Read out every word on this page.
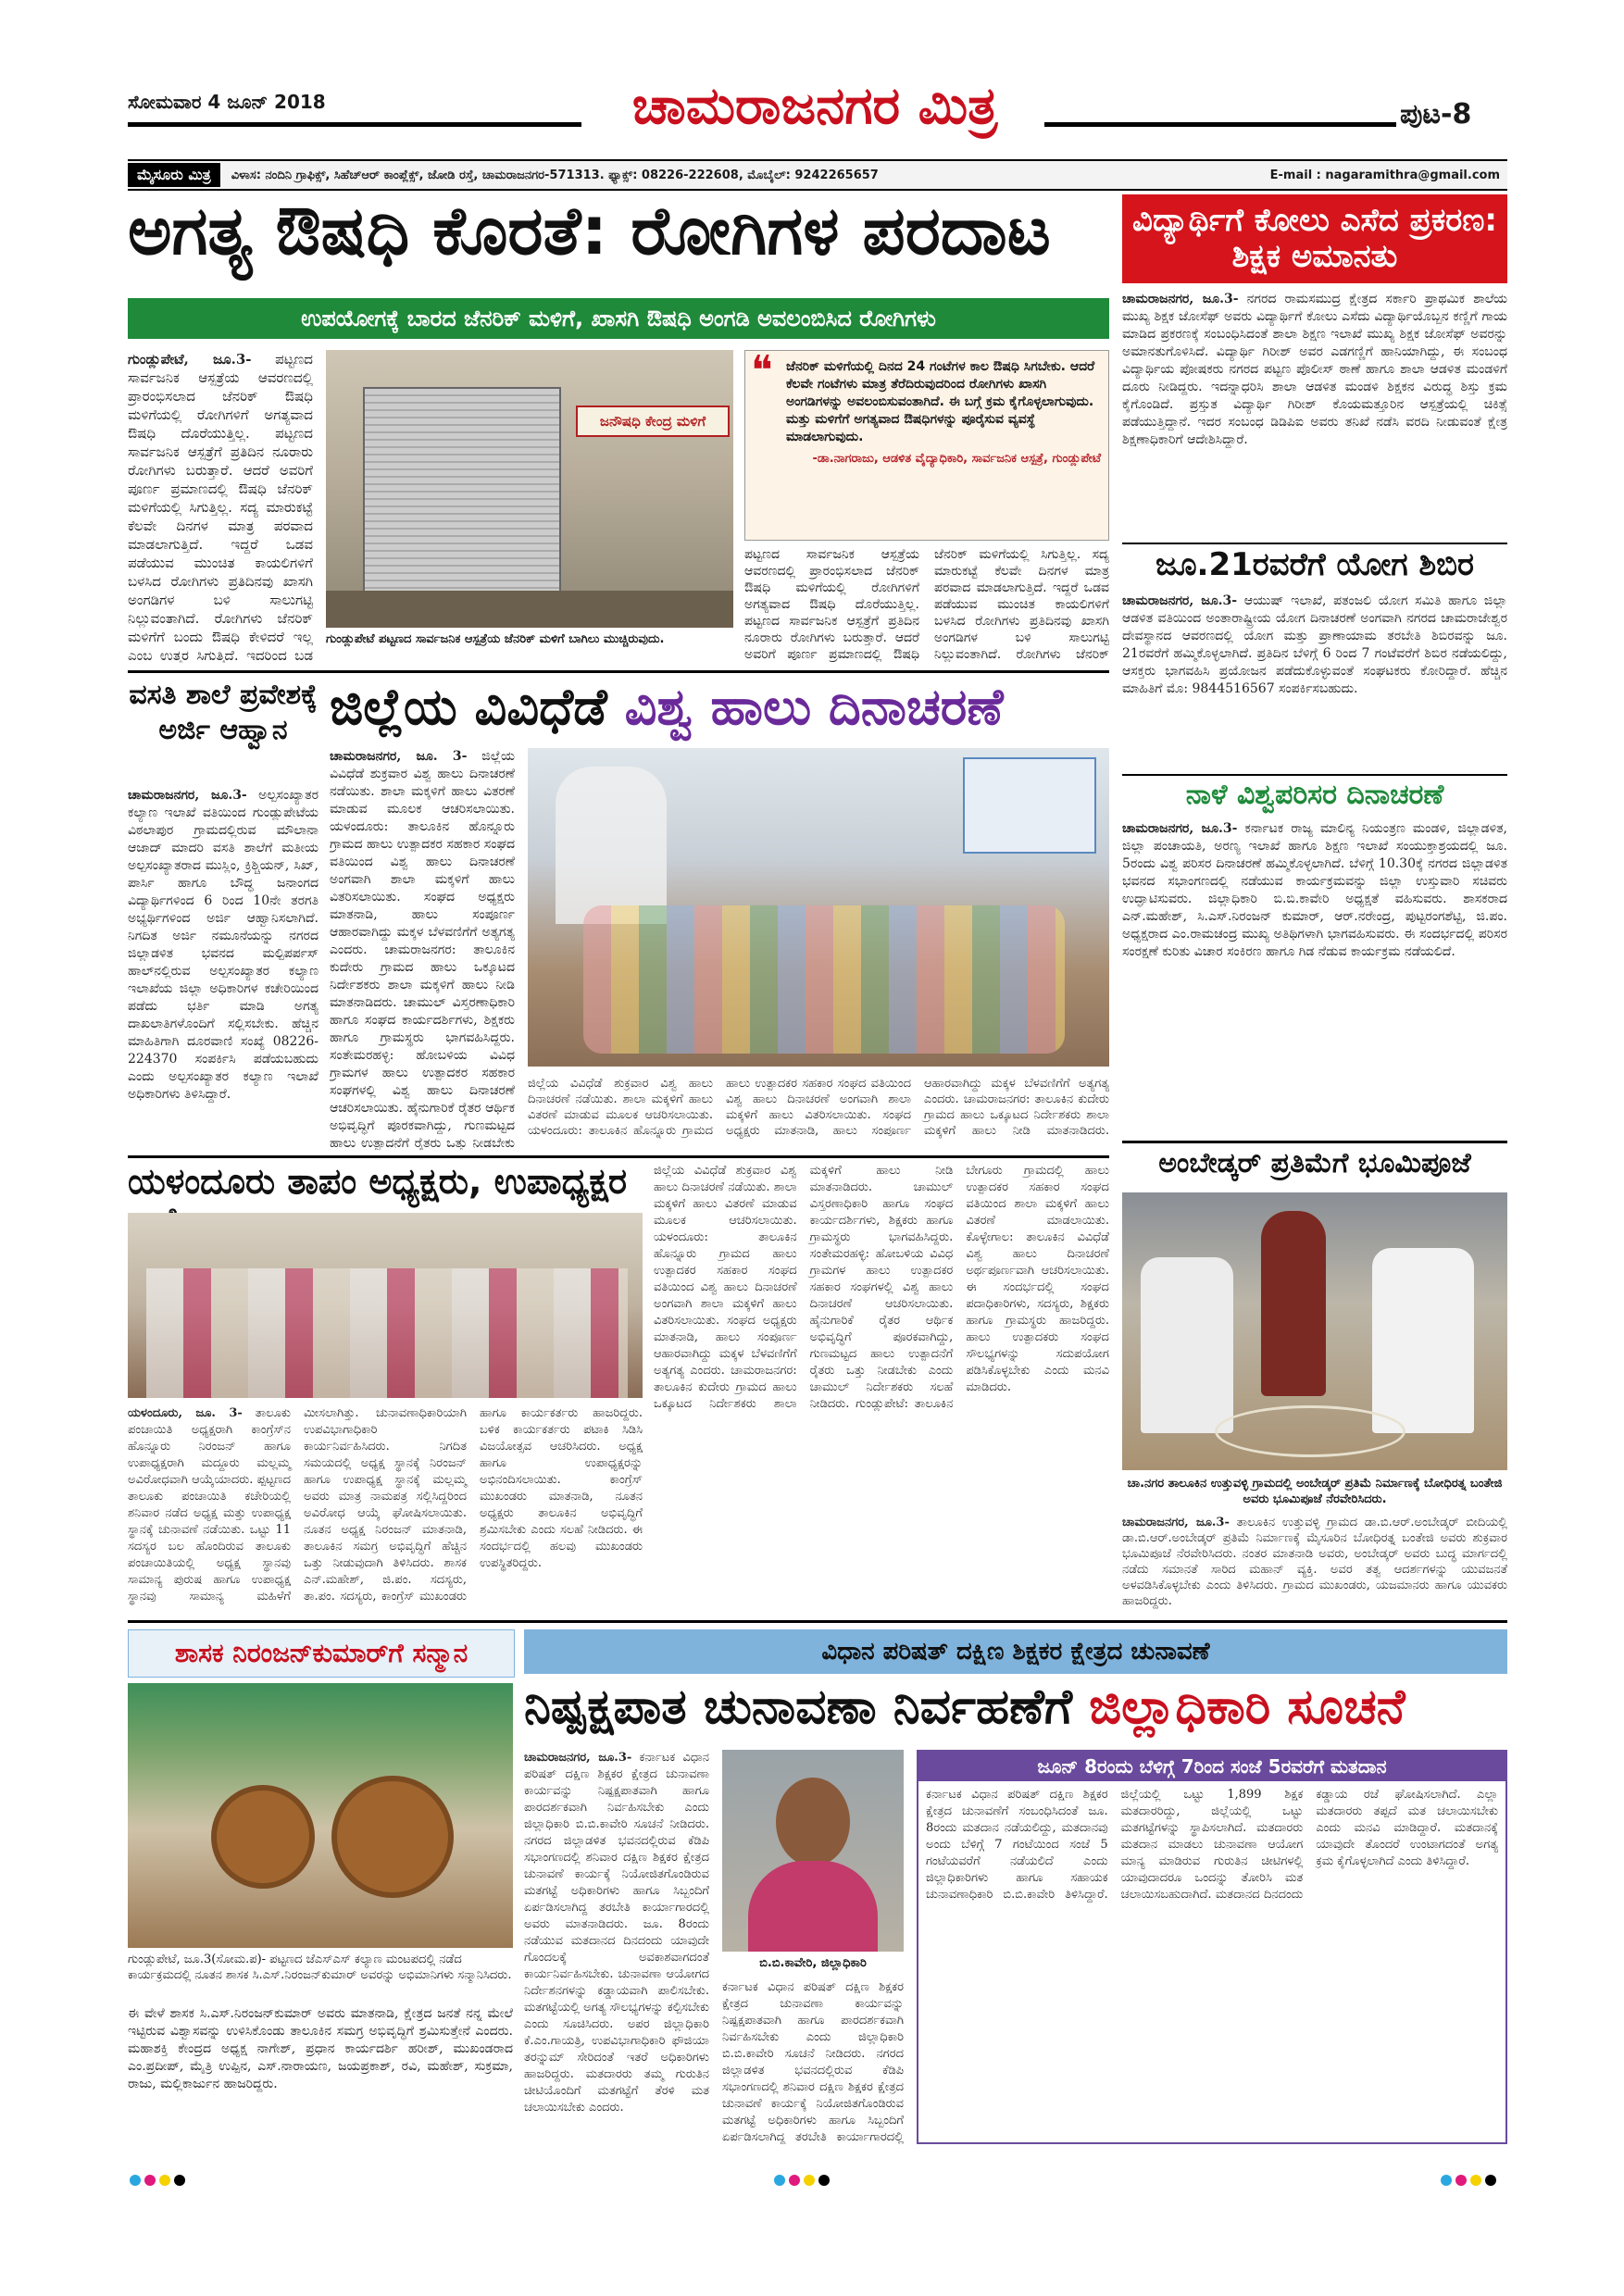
ಸೋಮವಾರ 4 ಜೂನ್ 2018	ಚಾಮರಾಜನಗರ ಮಿತ್ರ	ಪುಟ-8
ಮೈಸೂರು ಮಿತ್ರ	ವಿಳಾಸ: ನಂದಿನಿ ಗ್ರಾಫಿಕ್ಸ್, ಸಿಹೆಚ್ಆರ್ ಕಾಂಪ್ಲೆಕ್ಸ್, ಜೋಡಿ ರಸ್ತೆ, ಚಾಮರಾಜನಗರ-571313. ಫ್ಯಾಕ್ಸ್: 08226-222608, ಮೊಬೈಲ್: 9242265657	E-mail : nagaramithra@gmail.com
ಅಗತ್ಯ ಔಷಧಿ ಕೊರತೆ: ರೋಗಿಗಳ ಪರದಾಟ
ಉಪಯೋಗಕ್ಕೆ ಬಾರದ ಜೆನರಿಕ್ ಮಳಿಗೆ, ಖಾಸಗಿ ಔಷಧಿ ಅಂಗಡಿ ಅವಲಂಬಿಸಿದ ರೋಗಿಗಳು

ಗುಂಡ್ಲುಪೇಟೆ, ಜೂ.3- ಪಟ್ಟಣದ ಸಾರ್ವಜನಿಕ ಆಸ್ಪತ್ರೆಯ ಆವರಣದಲ್ಲಿ ಪ್ರಾರಂಭಿಸಲಾದ ಜೆನರಿಕ್ ಔಷಧಿ ಮಳಿಗೆಯಲ್ಲಿ ರೋಗಿಗಳಿಗೆ ಅಗತ್ಯವಾದ ಔಷಧಿ ದೊರೆಯುತ್ತಿಲ್ಲ. ಪಟ್ಟಣದ ಸಾರ್ವಜನಿಕ ಆಸ್ಪತ್ರೆಗೆ ಪ್ರತಿದಿನ ನೂರಾರು ರೋಗಿಗಳು ಬರುತ್ತಾರೆ. ಆದರೆ ಅವರಿಗೆ ಪೂರ್ಣ ಪ್ರಮಾಣದಲ್ಲಿ ಔಷಧಿ ಜೆನರಿಕ್ ಮಳಿಗೆಯಲ್ಲಿ ಸಿಗುತ್ತಿಲ್ಲ. ಸದ್ಯ ಮಾರುಕಟ್ಟೆ ಕೆಲವೇ ದಿನಗಳ ಮಾತ್ರ ಪರವಾದ ಮಾಡಲಾಗುತ್ತಿದೆ. ಇದ್ದರೆ ಒಡವ ಪಡೆಯುವ ಮುಂಚಿತ ಕಾಯಲಿಗಳಿಗೆ ಬಳಸಿದ ರೋಗಿಗಳು ಪ್ರತಿದಿನವು ಖಾಸಗಿ ಅಂಗಡಿಗಳ ಬಳಿ ಸಾಲುಗಟ್ಟಿ ನಿಲ್ಲುವಂತಾಗಿದೆ. ರೋಗಿಗಳು ಜೆನರಿಕ್ ಮಳಿಗೆಗೆ ಬಂದು ಔಷಧಿ ಕೇಳಿದರೆ ಇಲ್ಲ ಎಂಬ ಉತ್ತರ ಸಿಗುತ್ತಿದೆ. ಇದರಿಂದ ಬಡ

ಜನೌಷಧಿ ಕೇಂದ್ರ ಮಳಿಗೆ
ಗುಂಡ್ಲುಪೇಟೆ ಪಟ್ಟಣದ ಸಾರ್ವಜನಿಕ ಆಸ್ಪತ್ರೆಯ ಜೆನರಿಕ್ ಮಳಿಗೆ ಬಾಗಿಲು ಮುಚ್ಚಿರುವುದು.
❝ ಜೆನರಿಕ್ ಮಳಿಗೆಯಲ್ಲಿ ದಿನದ 24 ಗಂಟೆಗಳ ಕಾಲ ಔಷಧಿ ಸಿಗಬೇಕು. ಆದರೆ ಕೆಲವೇ ಗಂಟೆಗಳು ಮಾತ್ರ ತೆರೆದಿರುವುದರಿಂದ ರೋಗಿಗಳು ಖಾಸಗಿ ಅಂಗಡಿಗಳನ್ನು ಅವಲಂಬಿಸುವಂತಾಗಿದೆ. ಈ ಬಗ್ಗೆ ಕ್ರಮ ಕೈಗೊಳ್ಳಲಾಗುವುದು. ಮತ್ತು ಮಳಿಗೆಗೆ ಅಗತ್ಯವಾದ ಔಷಧಿಗಳನ್ನು ಪೂರೈಸುವ ವ್ಯವಸ್ಥೆ ಮಾಡಲಾಗುವುದು.
-ಡಾ.ನಾಗರಾಜು, ಆಡಳಿತ ವೈದ್ಯಾಧಿಕಾರಿ, ಸಾರ್ವಜನಿಕ ಆಸ್ಪತ್ರೆ, ಗುಂಡ್ಲುಪೇಟೆ

ಪಟ್ಟಣದ ಸಾರ್ವಜನಿಕ ಆಸ್ಪತ್ರೆಯ ಆವರಣದಲ್ಲಿ ಪ್ರಾರಂಭಿಸಲಾದ ಜೆನರಿಕ್ ಔಷಧಿ ಮಳಿಗೆಯಲ್ಲಿ ರೋಗಿಗಳಿಗೆ ಅಗತ್ಯವಾದ ಔಷಧಿ ದೊರೆಯುತ್ತಿಲ್ಲ. ಪಟ್ಟಣದ ಸಾರ್ವಜನಿಕ ಆಸ್ಪತ್ರೆಗೆ ಪ್ರತಿದಿನ ನೂರಾರು ರೋಗಿಗಳು ಬರುತ್ತಾರೆ. ಆದರೆ ಅವರಿಗೆ ಪೂರ್ಣ ಪ್ರಮಾಣದಲ್ಲಿ ಔಷಧಿ ಜೆನರಿಕ್ ಮಳಿಗೆಯಲ್ಲಿ ಸಿಗುತ್ತಿಲ್ಲ. ಸದ್ಯ ಮಾರುಕಟ್ಟೆ ಕೆಲವೇ ದಿನಗಳ ಮಾತ್ರ ಪರವಾದ ಮಾಡಲಾಗುತ್ತಿದೆ. ಇದ್ದರೆ ಒಡವ ಪಡೆಯುವ ಮುಂಚಿತ ಕಾಯಲಿಗಳಿಗೆ ಬಳಸಿದ ರೋಗಿಗಳು ಪ್ರತಿದಿನವು ಖಾಸಗಿ ಅಂಗಡಿಗಳ ಬಳಿ ಸಾಲುಗಟ್ಟಿ ನಿಲ್ಲುವಂತಾಗಿದೆ. ರೋಗಿಗಳು ಜೆನರಿಕ್

ವಿದ್ಯಾರ್ಥಿಗೆ ಕೋಲು ಎಸೆದ ಪ್ರಕರಣ: ಶಿಕ್ಷಕ ಅಮಾನತು

ಚಾಮರಾಜನಗರ, ಜೂ.3- ನಗರದ ರಾಮಸಮುದ್ರ ಕ್ಷೇತ್ರದ ಸರ್ಕಾರಿ ಪ್ರಾಥಮಿಕ ಶಾಲೆಯ ಮುಖ್ಯ ಶಿಕ್ಷಕ ಜೋಸೆಫ್ ಅವರು ವಿದ್ಯಾರ್ಥಿಗೆ ಕೋಲು ಎಸೆದು ವಿದ್ಯಾರ್ಥಿಯೊಬ್ಬನ ಕಣ್ಣಿಗೆ ಗಾಯ ಮಾಡಿದ ಪ್ರಕರಣಕ್ಕೆ ಸಂಬಂಧಿಸಿದಂತೆ ಶಾಲಾ ಶಿಕ್ಷಣ ಇಲಾಖೆ ಮುಖ್ಯ ಶಿಕ್ಷಕ ಜೋಸೆಫ್ ಅವರನ್ನು ಅಮಾನತುಗೊಳಿಸಿದೆ. ವಿದ್ಯಾರ್ಥಿ ಗಿರೀಶ್ ಅವರ ಎಡಗಣ್ಣಿಗೆ ಹಾನಿಯಾಗಿದ್ದು, ಈ ಸಂಬಂಧ ವಿದ್ಯಾರ್ಥಿಯ ಪೋಷಕರು ನಗರದ ಪಟ್ಟಣ ಪೊಲೀಸ್ ಠಾಣೆ ಹಾಗೂ ಶಾಲಾ ಆಡಳಿತ ಮಂಡಳಿಗೆ ದೂರು ನೀಡಿದ್ದರು. ಇದನ್ನಾಧರಿಸಿ ಶಾಲಾ ಆಡಳಿತ ಮಂಡಳಿ ಶಿಕ್ಷಕನ ವಿರುದ್ಧ ಶಿಸ್ತು ಕ್ರಮ ಕೈಗೊಂಡಿದೆ. ಪ್ರಸ್ತುತ ವಿದ್ಯಾರ್ಥಿ ಗಿರೀಶ್ ಕೊಯಮತ್ತೂರಿನ ಆಸ್ಪತ್ರೆಯಲ್ಲಿ ಚಿಕಿತ್ಸೆ ಪಡೆಯುತ್ತಿದ್ದಾನೆ. ಇದರ ಸಂಬಂಧ ಡಿಡಿಪಿಐ ಅವರು ತನಿಖೆ ನಡೆಸಿ ವರದಿ ನೀಡುವಂತೆ ಕ್ಷೇತ್ರ ಶಿಕ್ಷಣಾಧಿಕಾರಿಗೆ ಆದೇಶಿಸಿದ್ದಾರೆ.

ಜೂ.21ರವರೆಗೆ ಯೋಗ ಶಿಬಿರ

ಚಾಮರಾಜನಗರ, ಜೂ.3- ಆಯುಷ್ ಇಲಾಖೆ, ಪತಂಜಲಿ ಯೋಗ ಸಮಿತಿ ಹಾಗೂ ಜಿಲ್ಲಾ ಆಡಳಿತ ವತಿಯಿಂದ ಅಂತಾರಾಷ್ಟ್ರೀಯ ಯೋಗ ದಿನಾಚರಣೆ ಅಂಗವಾಗಿ ನಗರದ ಚಾಮರಾಜೇಶ್ವರ ದೇವಸ್ಥಾನದ ಆವರಣದಲ್ಲಿ ಯೋಗ ಮತ್ತು ಪ್ರಾಣಾಯಾಮ ತರಬೇತಿ ಶಿಬಿರವನ್ನು ಜೂ. 21ರವರೆಗೆ ಹಮ್ಮಿಕೊಳ್ಳಲಾಗಿದೆ. ಪ್ರತಿದಿನ ಬೆಳಿಗ್ಗೆ 6 ರಿಂದ 7 ಗಂಟೆವರೆಗೆ ಶಿಬಿರ ನಡೆಯಲಿದ್ದು, ಆಸಕ್ತರು ಭಾಗವಹಿಸಿ ಪ್ರಯೋಜನ ಪಡೆದುಕೊಳ್ಳುವಂತೆ ಸಂಘಟಕರು ಕೋರಿದ್ದಾರೆ. ಹೆಚ್ಚಿನ ಮಾಹಿತಿಗೆ ಮೊ: 9844516567 ಸಂಪರ್ಕಿಸಬಹುದು.

ನಾಳೆ ವಿಶ್ವಪರಿಸರ ದಿನಾಚರಣೆ

ಚಾಮರಾಜನಗರ, ಜೂ.3- ಕರ್ನಾಟಕ ರಾಜ್ಯ ಮಾಲಿನ್ಯ ನಿಯಂತ್ರಣ ಮಂಡಳಿ, ಜಿಲ್ಲಾಡಳಿತ, ಜಿಲ್ಲಾ ಪಂಚಾಯತಿ, ಅರಣ್ಯ ಇಲಾಖೆ ಹಾಗೂ ಶಿಕ್ಷಣ ಇಲಾಖೆ ಸಂಯುಕ್ತಾಶ್ರಯದಲ್ಲಿ ಜೂ. 5ರಂದು ವಿಶ್ವ ಪರಿಸರ ದಿನಾಚರಣೆ ಹಮ್ಮಿಕೊಳ್ಳಲಾಗಿದೆ. ಬೆಳಿಗ್ಗೆ 10.30ಕ್ಕೆ ನಗರದ ಜಿಲ್ಲಾಡಳಿತ ಭವನದ ಸಭಾಂಗಣದಲ್ಲಿ ನಡೆಯುವ ಕಾರ್ಯಕ್ರಮವನ್ನು ಜಿಲ್ಲಾ ಉಸ್ತುವಾರಿ ಸಚಿವರು ಉದ್ಘಾಟಿಸುವರು. ಜಿಲ್ಲಾಧಿಕಾರಿ ಬಿ.ಬಿ.ಕಾವೇರಿ ಅಧ್ಯಕ್ಷತೆ ವಹಿಸುವರು. ಶಾಸಕರಾದ ಎನ್.ಮಹೇಶ್, ಸಿ.ಎಸ್.ನಿರಂಜನ್ ಕುಮಾರ್, ಆರ್.ನರೇಂದ್ರ, ಪುಟ್ಟರಂಗಶೆಟ್ಟಿ, ಜಿ.ಪಂ. ಅಧ್ಯಕ್ಷರಾದ ಎಂ.ರಾಮಚಂದ್ರ ಮುಖ್ಯ ಅತಿಥಿಗಳಾಗಿ ಭಾಗವಹಿಸುವರು. ಈ ಸಂದರ್ಭದಲ್ಲಿ ಪರಿಸರ ಸಂರಕ್ಷಣೆ ಕುರಿತು ವಿಚಾರ ಸಂಕಿರಣ ಹಾಗೂ ಗಿಡ ನೆಡುವ ಕಾರ್ಯಕ್ರಮ ನಡೆಯಲಿದೆ.

ವಸತಿ ಶಾಲೆ ಪ್ರವೇಶಕ್ಕೆ ಅರ್ಜಿ ಆಹ್ವಾನ

ಚಾಮರಾಜನಗರ, ಜೂ.3- ಅಲ್ಪಸಂಖ್ಯಾತರ ಕಲ್ಯಾಣ ಇಲಾಖೆ ವತಿಯಿಂದ ಗುಂಡ್ಲುಪೇಟೆಯ ವಿಠಲಾಪುರ ಗ್ರಾಮದಲ್ಲಿರುವ ಮೌಲಾನಾ ಆಜಾದ್ ಮಾದರಿ ವಸತಿ ಶಾಲೆಗೆ ಮತೀಯ ಅಲ್ಪಸಂಖ್ಯಾತರಾದ ಮುಸ್ಲಿಂ, ಕ್ರಿಶ್ಚಿಯನ್, ಸಿಖ್, ಪಾರ್ಸಿ ಹಾಗೂ ಬೌದ್ಧ ಜನಾಂಗದ ವಿದ್ಯಾರ್ಥಿಗಳಿಂದ 6 ರಿಂದ 10ನೇ ತರಗತಿ ಅಭ್ಯರ್ಥಿಗಳಿಂದ ಅರ್ಜಿ ಆಹ್ವಾನಿಸಲಾಗಿದೆ. ನಿಗದಿತ ಅರ್ಜಿ ನಮೂನೆಯನ್ನು ನಗರದ ಜಿಲ್ಲಾಡಳಿತ ಭವನದ ಮಲ್ಪಿಪರ್ಪಸ್ ಹಾಲ್‌ನಲ್ಲಿರುವ ಅಲ್ಪಸಂಖ್ಯಾತರ ಕಲ್ಯಾಣ ಇಲಾಖೆಯ ಜಿಲ್ಲಾ ಅಧಿಕಾರಿಗಳ ಕಚೇರಿಯಿಂದ ಪಡೆದು ಭರ್ತಿ ಮಾಡಿ ಅಗತ್ಯ ದಾಖಲಾತಿಗಳೊಂದಿಗೆ ಸಲ್ಲಿಸಬೇಕು. ಹೆಚ್ಚಿನ ಮಾಹಿತಿಗಾಗಿ ದೂರವಾಣಿ ಸಂಖ್ಯೆ 08226-224370 ಸಂಪರ್ಕಿಸಿ ಪಡೆಯಬಹುದು ಎಂದು ಅಲ್ಪಸಂಖ್ಯಾತರ ಕಲ್ಯಾಣ ಇಲಾಖೆ ಅಧಿಕಾರಿಗಳು ತಿಳಿಸಿದ್ದಾರೆ.

ಜಿಲ್ಲೆಯ ವಿವಿಧೆಡೆ ವಿಶ್ವ ಹಾಲು ದಿನಾಚರಣೆ

ಚಾಮರಾಜನಗರ, ಜೂ. 3- ಜಿಲ್ಲೆಯ ವಿವಿಧೆಡೆ ಶುಕ್ರವಾರ ವಿಶ್ವ ಹಾಲು ದಿನಾಚರಣೆ ನಡೆಯಿತು. ಶಾಲಾ ಮಕ್ಕಳಿಗೆ ಹಾಲು ವಿತರಣೆ ಮಾಡುವ ಮೂಲಕ ಆಚರಿಸಲಾಯಿತು. ಯಳಂದೂರು: ತಾಲೂಕಿನ ಹೊನ್ನೂರು ಗ್ರಾಮದ ಹಾಲು ಉತ್ಪಾದಕರ ಸಹಕಾರ ಸಂಘದ ವತಿಯಿಂದ ವಿಶ್ವ ಹಾಲು ದಿನಾಚರಣೆ ಅಂಗವಾಗಿ ಶಾಲಾ ಮಕ್ಕಳಿಗೆ ಹಾಲು ವಿತರಿಸಲಾಯಿತು. ಸಂಘದ ಅಧ್ಯಕ್ಷರು ಮಾತನಾಡಿ, ಹಾಲು ಸಂಪೂರ್ಣ ಆಹಾರವಾಗಿದ್ದು ಮಕ್ಕಳ ಬೆಳವಣಿಗೆಗೆ ಅತ್ಯಗತ್ಯ ಎಂದರು. ಚಾಮರಾಜನಗರ: ತಾಲೂಕಿನ ಕುದೇರು ಗ್ರಾಮದ ಹಾಲು ಒಕ್ಕೂಟದ ನಿರ್ದೇಶಕರು ಶಾಲಾ ಮಕ್ಕಳಿಗೆ ಹಾಲು ನೀಡಿ ಮಾತನಾಡಿದರು. ಚಾಮುಲ್ ವಿಸ್ತರಣಾಧಿಕಾರಿ ಹಾಗೂ ಸಂಘದ ಕಾರ್ಯದರ್ಶಿಗಳು, ಶಿಕ್ಷಕರು ಹಾಗೂ ಗ್ರಾಮಸ್ಥರು ಭಾಗವಹಿಸಿದ್ದರು. ಸಂತೇಮರಹಳ್ಳಿ: ಹೋಬಳಿಯ ವಿವಿಧ ಗ್ರಾಮಗಳ ಹಾಲು ಉತ್ಪಾದಕರ ಸಹಕಾರ ಸಂಘಗಳಲ್ಲಿ ವಿಶ್ವ ಹಾಲು ದಿನಾಚರಣೆ ಆಚರಿಸಲಾಯಿತು. ಹೈನುಗಾರಿಕೆ ರೈತರ ಆರ್ಥಿಕ ಅಭಿವೃದ್ಧಿಗೆ ಪೂರಕವಾಗಿದ್ದು, ಗುಣಮಟ್ಟದ ಹಾಲು ಉತ್ಪಾದನೆಗೆ ರೈತರು ಒತ್ತು ನೀಡಬೇಕು

ಜಿಲ್ಲೆಯ ವಿವಿಧೆಡೆ ಶುಕ್ರವಾರ ವಿಶ್ವ ಹಾಲು ದಿನಾಚರಣೆ ನಡೆಯಿತು. ಶಾಲಾ ಮಕ್ಕಳಿಗೆ ಹಾಲು ವಿತರಣೆ ಮಾಡುವ ಮೂಲಕ ಆಚರಿಸಲಾಯಿತು. ಯಳಂದೂರು: ತಾಲೂಕಿನ ಹೊನ್ನೂರು ಗ್ರಾಮದ ಹಾಲು ಉತ್ಪಾದಕರ ಸಹಕಾರ ಸಂಘದ ವತಿಯಿಂದ ವಿಶ್ವ ಹಾಲು ದಿನಾಚರಣೆ ಅಂಗವಾಗಿ ಶಾಲಾ ಮಕ್ಕಳಿಗೆ ಹಾಲು ವಿತರಿಸಲಾಯಿತು. ಸಂಘದ ಅಧ್ಯಕ್ಷರು ಮಾತನಾಡಿ, ಹಾಲು ಸಂಪೂರ್ಣ ಆಹಾರವಾಗಿದ್ದು ಮಕ್ಕಳ ಬೆಳವಣಿಗೆಗೆ ಅತ್ಯಗತ್ಯ ಎಂದರು. ಚಾಮರಾಜನಗರ: ತಾಲೂಕಿನ ಕುದೇರು ಗ್ರಾಮದ ಹಾಲು ಒಕ್ಕೂಟದ ನಿರ್ದೇಶಕರು ಶಾಲಾ ಮಕ್ಕಳಿಗೆ ಹಾಲು ನೀಡಿ ಮಾತನಾಡಿದರು.

ಯಳಂದೂರು ತಾಪಂ ಅಧ್ಯಕ್ಷರು, ಉಪಾಧ್ಯಕ್ಷರ

ಯಳಂದೂರು, ಜೂ. 3- ತಾಲೂಕು ಪಂಚಾಯಿತಿ ಅಧ್ಯಕ್ಷರಾಗಿ ಕಾಂಗ್ರೆಸ್‌ನ ಹೊನ್ನೂರು ನಿರಂಜನ್ ಹಾಗೂ ಉಪಾಧ್ಯಕ್ಷರಾಗಿ ಮದ್ದೂರು ಮಲ್ಲಮ್ಮ ಅವಿರೋಧವಾಗಿ ಆಯ್ಕೆಯಾದರು. ಪ್ಪಟ್ಟಣದ ತಾಲೂಕು ಪಂಚಾಯಿತಿ ಕಚೇರಿಯಲ್ಲಿ ಶನಿವಾರ ನಡೆದ ಅಧ್ಯಕ್ಷ ಮತ್ತು ಉಪಾಧ್ಯಕ್ಷ ಸ್ಥಾನಕ್ಕೆ ಚುನಾವಣೆ ನಡೆಯಿತು. ಒಟ್ಟು 11 ಸದಸ್ಯರ ಬಲ ಹೊಂದಿರುವ ತಾಲೂಕು ಪಂಚಾಯಿತಿಯಲ್ಲಿ ಅಧ್ಯಕ್ಷ ಸ್ಥಾನವು ಸಾಮಾನ್ಯ ಪುರುಷ ಹಾಗೂ ಉಪಾಧ್ಯಕ್ಷ ಸ್ಥಾನವು ಸಾಮಾನ್ಯ ಮಹಿಳೆಗೆ ಮೀಸಲಾಗಿತ್ತು. ಚುನಾವಣಾಧಿಕಾರಿಯಾಗಿ ಉಪವಿಭಾಗಾಧಿಕಾರಿ ಕಾರ್ಯನಿರ್ವಹಿಸಿದರು. ನಿಗದಿತ ಸಮಯದಲ್ಲಿ ಅಧ್ಯಕ್ಷ ಸ್ಥಾನಕ್ಕೆ ನಿರಂಜನ್ ಹಾಗೂ ಉಪಾಧ್ಯಕ್ಷ ಸ್ಥಾನಕ್ಕೆ ಮಲ್ಲಮ್ಮ ಅವರು ಮಾತ್ರ ನಾಮಪತ್ರ ಸಲ್ಲಿಸಿದ್ದರಿಂದ ಅವಿರೋಧ ಆಯ್ಕೆ ಘೋಷಿಸಲಾಯಿತು. ನೂತನ ಅಧ್ಯಕ್ಷ ನಿರಂಜನ್ ಮಾತನಾಡಿ, ತಾಲೂಕಿನ ಸಮಗ್ರ ಅಭಿವೃದ್ಧಿಗೆ ಹೆಚ್ಚಿನ ಒತ್ತು ನೀಡುವುದಾಗಿ ತಿಳಿಸಿದರು. ಶಾಸಕ ಎನ್.ಮಹೇಶ್, ಜಿ.ಪಂ. ಸದಸ್ಯರು, ತಾ.ಪಂ. ಸದಸ್ಯರು, ಕಾಂಗ್ರೆಸ್ ಮುಖಂಡರು ಹಾಗೂ ಕಾರ್ಯಕರ್ತರು ಹಾಜರಿದ್ದರು. ಬಳಿಕ ಕಾರ್ಯಕರ್ತರು ಪಟಾಕಿ ಸಿಡಿಸಿ ವಿಜಯೋತ್ಸವ ಆಚರಿಸಿದರು. ಅಧ್ಯಕ್ಷ ಹಾಗೂ ಉಪಾಧ್ಯಕ್ಷರನ್ನು ಅಭಿನಂದಿಸಲಾಯಿತು. ಕಾಂಗ್ರೆಸ್ ಮುಖಂಡರು ಮಾತನಾಡಿ, ನೂತನ ಅಧ್ಯಕ್ಷರು ತಾಲೂಕಿನ ಅಭಿವೃದ್ಧಿಗೆ ಶ್ರಮಿಸಬೇಕು ಎಂದು ಸಲಹೆ ನೀಡಿದರು. ಈ ಸಂದರ್ಭದಲ್ಲಿ ಹಲವು ಮುಖಂಡರು ಉಪಸ್ಥಿತರಿದ್ದರು.

ಜಿಲ್ಲೆಯ ವಿವಿಧೆಡೆ ಶುಕ್ರವಾರ ವಿಶ್ವ ಹಾಲು ದಿನಾಚರಣೆ ನಡೆಯಿತು. ಶಾಲಾ ಮಕ್ಕಳಿಗೆ ಹಾಲು ವಿತರಣೆ ಮಾಡುವ ಮೂಲಕ ಆಚರಿಸಲಾಯಿತು. ಯಳಂದೂರು: ತಾಲೂಕಿನ ಹೊನ್ನೂರು ಗ್ರಾಮದ ಹಾಲು ಉತ್ಪಾದಕರ ಸಹಕಾರ ಸಂಘದ ವತಿಯಿಂದ ವಿಶ್ವ ಹಾಲು ದಿನಾಚರಣೆ ಅಂಗವಾಗಿ ಶಾಲಾ ಮಕ್ಕಳಿಗೆ ಹಾಲು ವಿತರಿಸಲಾಯಿತು. ಸಂಘದ ಅಧ್ಯಕ್ಷರು ಮಾತನಾಡಿ, ಹಾಲು ಸಂಪೂರ್ಣ ಆಹಾರವಾಗಿದ್ದು ಮಕ್ಕಳ ಬೆಳವಣಿಗೆಗೆ ಅತ್ಯಗತ್ಯ ಎಂದರು. ಚಾಮರಾಜನಗರ: ತಾಲೂಕಿನ ಕುದೇರು ಗ್ರಾಮದ ಹಾಲು ಒಕ್ಕೂಟದ ನಿರ್ದೇಶಕರು ಶಾಲಾ ಮಕ್ಕಳಿಗೆ ಹಾಲು ನೀಡಿ ಮಾತನಾಡಿದರು. ಚಾಮುಲ್ ವಿಸ್ತರಣಾಧಿಕಾರಿ ಹಾಗೂ ಸಂಘದ ಕಾರ್ಯದರ್ಶಿಗಳು, ಶಿಕ್ಷಕರು ಹಾಗೂ ಗ್ರಾಮಸ್ಥರು ಭಾಗವಹಿಸಿದ್ದರು. ಸಂತೇಮರಹಳ್ಳಿ: ಹೋಬಳಿಯ ವಿವಿಧ ಗ್ರಾಮಗಳ ಹಾಲು ಉತ್ಪಾದಕರ ಸಹಕಾರ ಸಂಘಗಳಲ್ಲಿ ವಿಶ್ವ ಹಾಲು ದಿನಾಚರಣೆ ಆಚರಿಸಲಾಯಿತು. ಹೈನುಗಾರಿಕೆ ರೈತರ ಆರ್ಥಿಕ ಅಭಿವೃದ್ಧಿಗೆ ಪೂರಕವಾಗಿದ್ದು, ಗುಣಮಟ್ಟದ ಹಾಲು ಉತ್ಪಾದನೆಗೆ ರೈತರು ಒತ್ತು ನೀಡಬೇಕು ಎಂದು ಚಾಮುಲ್ ನಿರ್ದೇಶಕರು ಸಲಹೆ ನೀಡಿದರು. ಗುಂಡ್ಲುಪೇಟೆ: ತಾಲೂಕಿನ ಬೇಗೂರು ಗ್ರಾಮದಲ್ಲಿ ಹಾಲು ಉತ್ಪಾದಕರ ಸಹಕಾರ ಸಂಘದ ವತಿಯಿಂದ ಶಾಲಾ ಮಕ್ಕಳಿಗೆ ಹಾಲು ವಿತರಣೆ ಮಾಡಲಾಯಿತು. ಕೊಳ್ಳೇಗಾಲ: ತಾಲೂಕಿನ ವಿವಿಧೆಡೆ ವಿಶ್ವ ಹಾಲು ದಿನಾಚರಣೆ ಅರ್ಥಪೂರ್ಣವಾಗಿ ಆಚರಿಸಲಾಯಿತು. ಈ ಸಂದರ್ಭದಲ್ಲಿ ಸಂಘದ ಪದಾಧಿಕಾರಿಗಳು, ಸದಸ್ಯರು, ಶಿಕ್ಷಕರು ಹಾಗೂ ಗ್ರಾಮಸ್ಥರು ಹಾಜರಿದ್ದರು. ಹಾಲು ಉತ್ಪಾದಕರು ಸಂಘದ ಸೌಲಭ್ಯಗಳನ್ನು ಸದುಪಯೋಗ ಪಡಿಸಿಕೊಳ್ಳಬೇಕು ಎಂದು ಮನವಿ ಮಾಡಿದರು.

ಅಂಬೇಡ್ಕರ್ ಪ್ರತಿಮೆಗೆ ಭೂಮಿಪೂಜೆ
ಚಾ.ನಗರ ತಾಲೂಕಿನ ಉತ್ತುವಳ್ಳಿ ಗ್ರಾಮದಲ್ಲಿ ಅಂಬೇಡ್ಕರ್ ಪ್ರತಿಮೆ ನಿರ್ಮಾಣಕ್ಕೆ ಬೋಧಿರತ್ನ ಬಂತೇಜಿ ಅವರು ಭೂಮಿಪೂಜೆ ನೆರವೇರಿಸಿದರು.

ಚಾಮರಾಜನಗರ, ಜೂ.3- ತಾಲೂಕಿನ ಉತ್ತುವಳ್ಳಿ ಗ್ರಾಮದ ಡಾ.ಬಿ.ಆರ್.ಅಂಬೇಡ್ಕರ್ ಬೀದಿಯಲ್ಲಿ ಡಾ.ಬಿ.ಆರ್.ಅಂಬೇಡ್ಕರ್ ಪ್ರತಿಮೆ ನಿರ್ಮಾಣಕ್ಕೆ ಮೈಸೂರಿನ ಬೋಧಿರತ್ನ ಬಂತೇಜಿ ಅವರು ಶುಕ್ರವಾರ ಭೂಮಿಪೂಜೆ ನೆರವೇರಿಸಿದರು. ನಂತರ ಮಾತನಾಡಿ ಅವರು, ಅಂಬೇಡ್ಕರ್ ಅವರು ಬುದ್ಧ ಮಾರ್ಗದಲ್ಲಿ ನಡೆದು ಸಮಾನತೆ ಸಾರಿದ ಮಹಾನ್ ವ್ಯಕ್ತಿ. ಅವರ ತತ್ವ ಆದರ್ಶಗಳನ್ನು ಯುವಜನತೆ ಅಳವಡಿಸಿಕೊಳ್ಳಬೇಕು ಎಂದು ತಿಳಿಸಿದರು. ಗ್ರಾಮದ ಮುಖಂಡರು, ಯಜಮಾನರು ಹಾಗೂ ಯುವಕರು ಹಾಜರಿದ್ದರು.

ಶಾಸಕ ನಿರಂಜನ್‌ಕುಮಾರ್‌ಗೆ ಸನ್ಮಾನ
ಗುಂಡ್ಲುಪೇಟೆ, ಜೂ.3(ಸೋಮ.ಪ)- ಪಟ್ಟಣದ ಜೆಎಸ್ಎಸ್ ಕಲ್ಯಾಣ ಮಂಟಪದಲ್ಲಿ ನಡೆದ ಕಾರ್ಯಕ್ರಮದಲ್ಲಿ ನೂತನ ಶಾಸಕ ಸಿ.ಎಸ್.ನಿರಂಜನ್‌ಕುಮಾರ್ ಅವರನ್ನು ಅಭಿಮಾನಿಗಳು ಸನ್ಮಾನಿಸಿದರು.

ಈ ವೇಳೆ ಶಾಸಕ ಸಿ.ಎಸ್.ನಿರಂಜನ್‌ಕುಮಾರ್ ಅವರು ಮಾತನಾಡಿ, ಕ್ಷೇತ್ರದ ಜನತೆ ನನ್ನ ಮೇಲೆ ಇಟ್ಟಿರುವ ವಿಶ್ವಾಸವನ್ನು ಉಳಿಸಿಕೊಂಡು ತಾಲೂಕಿನ ಸಮಗ್ರ ಅಭಿವೃದ್ಧಿಗೆ ಶ್ರಮಿಸುತ್ತೇನೆ ಎಂದರು. ಮಹಾಶಕ್ತಿ ಕೇಂದ್ರದ ಅಧ್ಯಕ್ಷ ನಾಗೇಶ್, ಪ್ರಧಾನ ಕಾರ್ಯದರ್ಶಿ ಹರೀಶ್, ಮುಖಂಡರಾದ ಎಂ.ಪ್ರದೀಪ್, ಮೈತ್ರಿ ಉಪ್ಪಿನ, ಎಸ್.ನಾರಾಯಣ, ಜಯಪ್ರಕಾಶ್, ರವಿ, ಮಹೇಶ್, ಸುಕ್ರಮಾ, ರಾಜು, ಮಲ್ಲಿಕಾರ್ಜುನ ಹಾಜರಿದ್ದರು.

ವಿಧಾನ ಪರಿಷತ್ ದಕ್ಷಿಣ ಶಿಕ್ಷಕರ ಕ್ಷೇತ್ರದ ಚುನಾವಣೆ
ನಿಷ್ಪಕ್ಷಪಾತ ಚುನಾವಣಾ ನಿರ್ವಹಣೆಗೆ ಜಿಲ್ಲಾಧಿಕಾರಿ ಸೂಚನೆ

ಚಾಮರಾಜನಗರ, ಜೂ.3- ಕರ್ನಾಟಕ ವಿಧಾನ ಪರಿಷತ್ ದಕ್ಷಿಣ ಶಿಕ್ಷಕರ ಕ್ಷೇತ್ರದ ಚುನಾವಣಾ ಕಾರ್ಯವನ್ನು ನಿಷ್ಪಕ್ಷಪಾತವಾಗಿ ಹಾಗೂ ಪಾರದರ್ಶಕವಾಗಿ ನಿರ್ವಹಿಸಬೇಕು ಎಂದು ಜಿಲ್ಲಾಧಿಕಾರಿ ಬಿ.ಬಿ.ಕಾವೇರಿ ಸೂಚನೆ ನೀಡಿದರು. ನಗರದ ಜಿಲ್ಲಾಡಳಿತ ಭವನದಲ್ಲಿರುವ ಕೆಡಿಪಿ ಸಭಾಂಗಣದಲ್ಲಿ ಶನಿವಾರ ದಕ್ಷಿಣ ಶಿಕ್ಷಕರ ಕ್ಷೇತ್ರದ ಚುನಾವಣೆ ಕಾರ್ಯಕ್ಕೆ ನಿಯೋಜಿತಗೊಂಡಿರುವ ಮತಗಟ್ಟೆ ಅಧಿಕಾರಿಗಳು ಹಾಗೂ ಸಿಬ್ಬಂದಿಗೆ ಏರ್ಪಡಿಸಲಾಗಿದ್ದ ತರಬೇತಿ ಕಾರ್ಯಾಗಾರದಲ್ಲಿ ಅವರು ಮಾತನಾಡಿದರು. ಜೂ. 8ರಂದು ನಡೆಯುವ ಮತದಾನದ ದಿನದಂದು ಯಾವುದೇ ಗೊಂದಲಕ್ಕೆ ಅವಕಾಶವಾಗದಂತೆ ಕಾರ್ಯನಿರ್ವಹಿಸಬೇಕು. ಚುನಾವಣಾ ಆಯೋಗದ ನಿರ್ದೇಶನಗಳನ್ನು ಕಡ್ಡಾಯವಾಗಿ ಪಾಲಿಸಬೇಕು. ಮತಗಟ್ಟೆಯಲ್ಲಿ ಅಗತ್ಯ ಸೌಲಭ್ಯಗಳನ್ನು ಕಲ್ಪಿಸಬೇಕು ಎಂದು ಸೂಚಿಸಿದರು. ಅಪರ ಜಿಲ್ಲಾಧಿಕಾರಿ ಕೆ.ಎಂ.ಗಾಯತ್ರಿ, ಉಪವಿಭಾಗಾಧಿಕಾರಿ ಫೌಜಿಯಾ ತರನ್ನುಮ್ ಸೇರಿದಂತೆ ಇತರೆ ಅಧಿಕಾರಿಗಳು ಹಾಜರಿದ್ದರು. ಮತದಾರರು ತಮ್ಮ ಗುರುತಿನ ಚೀಟಿಯೊಂದಿಗೆ ಮತಗಟ್ಟೆಗೆ ತೆರಳಿ ಮತ ಚಲಾಯಿಸಬೇಕು ಎಂದರು.

ಬಿ.ಬಿ.ಕಾವೇರಿ, ಜಿಲ್ಲಾಧಿಕಾರಿ

ಕರ್ನಾಟಕ ವಿಧಾನ ಪರಿಷತ್ ದಕ್ಷಿಣ ಶಿಕ್ಷಕರ ಕ್ಷೇತ್ರದ ಚುನಾವಣಾ ಕಾರ್ಯವನ್ನು ನಿಷ್ಪಕ್ಷಪಾತವಾಗಿ ಹಾಗೂ ಪಾರದರ್ಶಕವಾಗಿ ನಿರ್ವಹಿಸಬೇಕು ಎಂದು ಜಿಲ್ಲಾಧಿಕಾರಿ ಬಿ.ಬಿ.ಕಾವೇರಿ ಸೂಚನೆ ನೀಡಿದರು. ನಗರದ ಜಿಲ್ಲಾಡಳಿತ ಭವನದಲ್ಲಿರುವ ಕೆಡಿಪಿ ಸಭಾಂಗಣದಲ್ಲಿ ಶನಿವಾರ ದಕ್ಷಿಣ ಶಿಕ್ಷಕರ ಕ್ಷೇತ್ರದ ಚುನಾವಣೆ ಕಾರ್ಯಕ್ಕೆ ನಿಯೋಜಿತಗೊಂಡಿರುವ ಮತಗಟ್ಟೆ ಅಧಿಕಾರಿಗಳು ಹಾಗೂ ಸಿಬ್ಬಂದಿಗೆ ಏರ್ಪಡಿಸಲಾಗಿದ್ದ ತರಬೇತಿ ಕಾರ್ಯಾಗಾರದಲ್ಲಿ

ಜೂನ್ 8ರಂದು ಬೆಳಿಗ್ಗೆ 7ರಿಂದ ಸಂಜೆ 5ರವರೆಗೆ ಮತದಾನ

ಕರ್ನಾಟಕ ವಿಧಾನ ಪರಿಷತ್ ದಕ್ಷಿಣ ಶಿಕ್ಷಕರ ಕ್ಷೇತ್ರದ ಚುನಾವಣೆಗೆ ಸಂಬಂಧಿಸಿದಂತೆ ಜೂ. 8ರಂದು ಮತದಾನ ನಡೆಯಲಿದ್ದು, ಮತದಾನವು ಅಂದು ಬೆಳಿಗ್ಗೆ 7 ಗಂಟೆಯಿಂದ ಸಂಜೆ 5 ಗಂಟೆಯವರೆಗೆ ನಡೆಯಲಿದೆ ಎಂದು ಜಿಲ್ಲಾಧಿಕಾರಿಗಳು ಹಾಗೂ ಸಹಾಯಕ ಚುನಾವಣಾಧಿಕಾರಿ ಬಿ.ಬಿ.ಕಾವೇರಿ ತಿಳಿಸಿದ್ದಾರೆ. ಜಿಲ್ಲೆಯಲ್ಲಿ ಒಟ್ಟು 1,899 ಶಿಕ್ಷಕ ಮತದಾರರಿದ್ದು, ಜಿಲ್ಲೆಯಲ್ಲಿ ಒಟ್ಟು ಮತಗಟ್ಟೆಗಳನ್ನು ಸ್ಥಾಪಿಸಲಾಗಿದೆ. ಮತದಾರರು ಮತದಾನ ಮಾಡಲು ಚುನಾವಣಾ ಆಯೋಗ ಮಾನ್ಯ ಮಾಡಿರುವ ಗುರುತಿನ ಚೀಟಿಗಳಲ್ಲಿ ಯಾವುದಾದರೂ ಒಂದನ್ನು ತೋರಿಸಿ ಮತ ಚಲಾಯಿಸಬಹುದಾಗಿದೆ. ಮತದಾನದ ದಿನದಂದು ಕಡ್ಡಾಯ ರಜೆ ಘೋಷಿಸಲಾಗಿದೆ. ಎಲ್ಲಾ ಮತದಾರರು ತಪ್ಪದೆ ಮತ ಚಲಾಯಿಸಬೇಕು ಎಂದು ಮನವಿ ಮಾಡಿದ್ದಾರೆ. ಮತದಾನಕ್ಕೆ ಯಾವುದೇ ತೊಂದರೆ ಉಂಟಾಗದಂತೆ ಅಗತ್ಯ ಕ್ರಮ ಕೈಗೊಳ್ಳಲಾಗಿದೆ ಎಂದು ತಿಳಿಸಿದ್ದಾರೆ.
